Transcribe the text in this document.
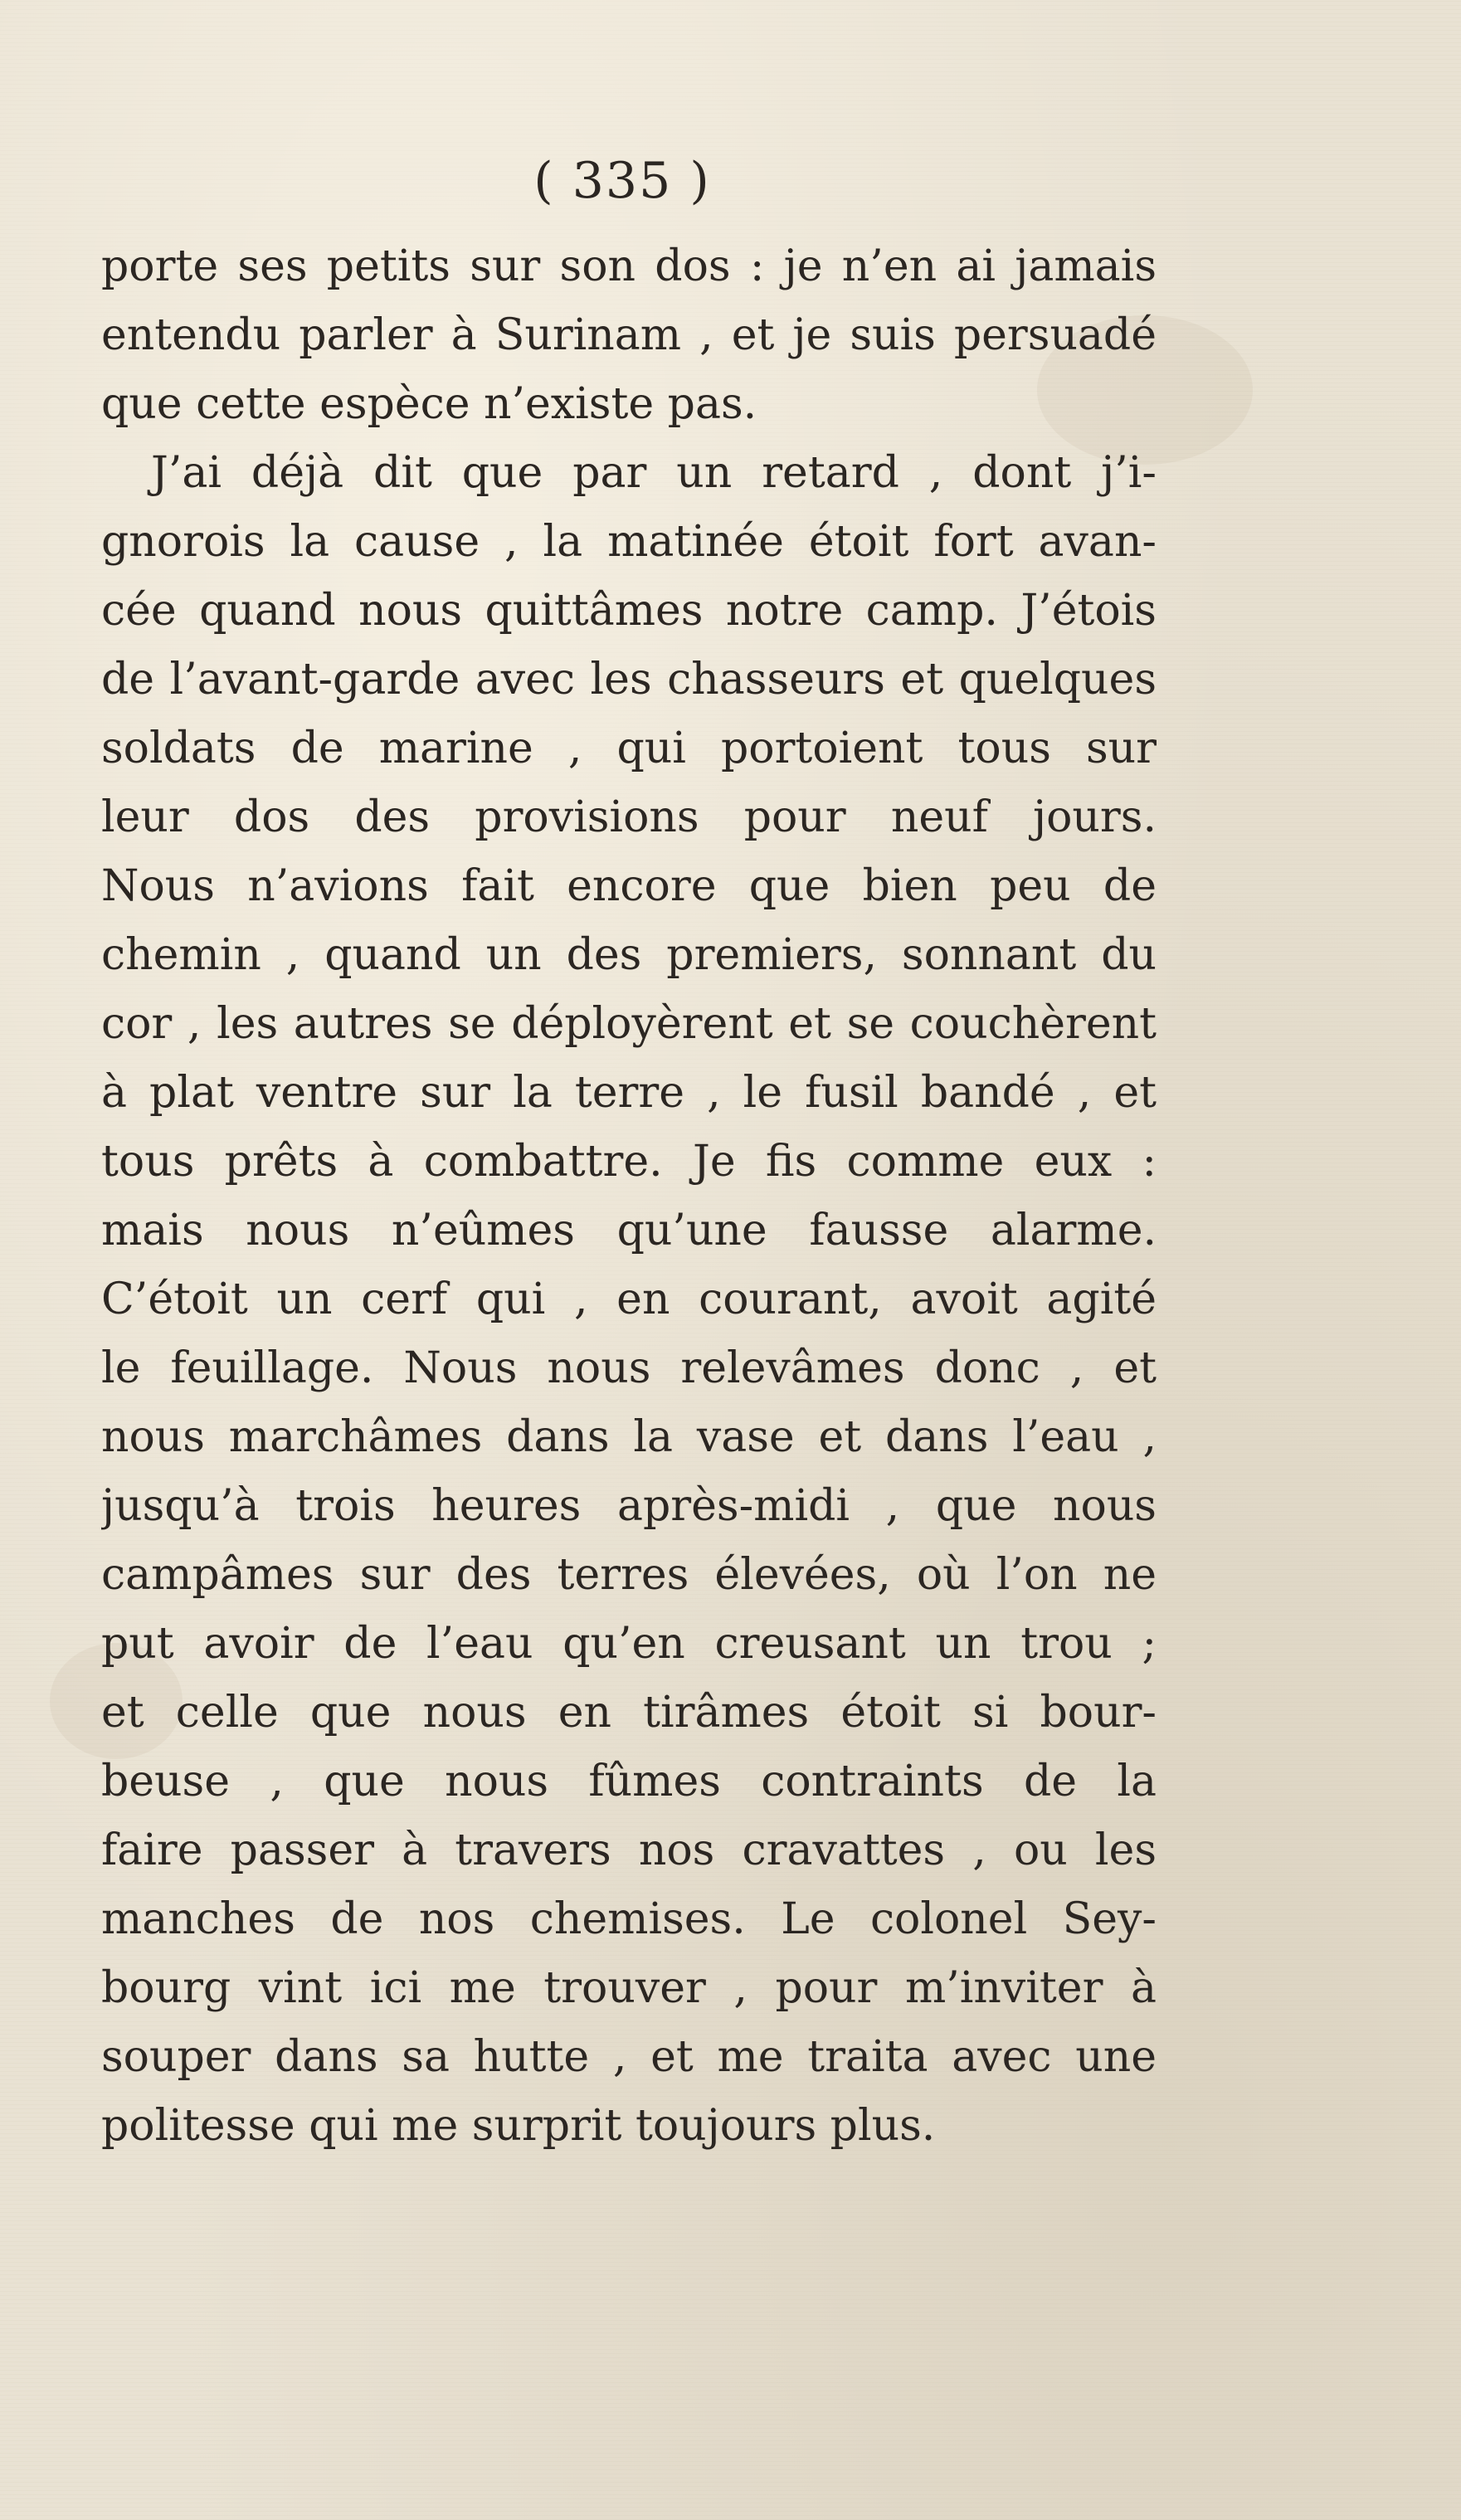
( 335 )
porte ses petits sur son dos : je n’en ai jamais
entendu parler à Surinam , et je suis persuadé
que cette espèce n’existe pas.
J’ai déjà dit que par un retard , dont j’i-
gnorois la cause , la matinée étoit fort avan-
cée quand nous quittâmes notre camp. J’étois
de l’avant-garde avec les chasseurs et quelques
soldats de marine , qui portoient tous sur
leur dos des provisions pour neuf jours.
Nous n’avions fait encore que bien peu de
chemin , quand un des premiers, sonnant du
cor , les autres se déployèrent et se couchèrent
à plat ventre sur la terre , le fusil bandé , et
tous prêts à combattre. Je fis comme eux :
mais nous n’eûmes qu’une fausse alarme.
C’étoit un cerf qui , en courant, avoit agité
le feuillage. Nous nous relevâmes donc , et
nous marchâmes dans la vase et dans l’eau ,
jusqu’à trois heures après-midi , que nous
campâmes sur des terres élevées, où l’on ne
put avoir de l’eau qu’en creusant un trou ;
et celle que nous en tirâmes étoit si bour-
beuse , que nous fûmes contraints de la
faire passer à travers nos cravattes , ou les
manches de nos chemises. Le colonel Sey-
bourg vint ici me trouver , pour m’inviter à
souper dans sa hutte , et me traita avec une
politesse qui me surprit toujours plus.
